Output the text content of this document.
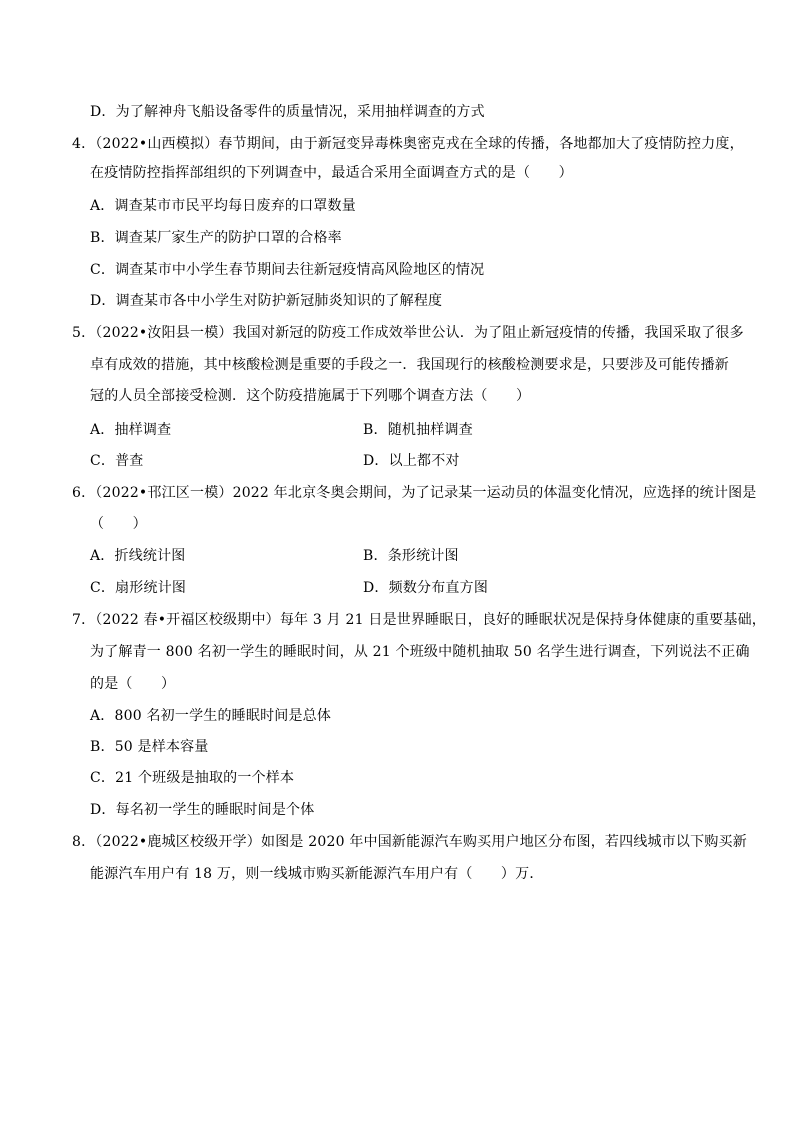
D．为了解神舟飞船设备零件的质量情况，采用抽样调查的方式
4．（2022•山西模拟）春节期间，由于新冠变异毒株奥密克戎在全球的传播，各地都加大了疫情防控力度，
在疫情防控指挥部组织的下列调查中，最适合采用全面调查方式的是（　　）
A．调查某市市民平均每日废弃的口罩数量
B．调查某厂家生产的防护口罩的合格率
C．调查某市中小学生春节期间去往新冠疫情高风险地区的情况
D．调查某市各中小学生对防护新冠肺炎知识的了解程度
5．（2022•汝阳县一模）我国对新冠的防疫工作成效举世公认．为了阻止新冠疫情的传播，我国采取了很多
卓有成效的措施，其中核酸检测是重要的手段之一．我国现行的核酸检测要求是，只要涉及可能传播新
冠的人员全部接受检测．这个防疫措施属于下列哪个调查方法（　　）
A．抽样调查	B．随机抽样调查
C．普查	D．以上都不对
6．（2022•邗江区一模）2022 年北京冬奥会期间，为了记录某一运动员的体温变化情况，应选择的统计图是
（　　）
A．折线统计图	B．条形统计图
C．扇形统计图	D．频数分布直方图
7．（2022 春•开福区校级期中）每年 3 月 21 日是世界睡眠日，良好的睡眠状况是保持身体健康的重要基础，
为了解青一 800 名初一学生的睡眠时间，从 21 个班级中随机抽取 50 名学生进行调查，下列说法不正确
的是（　　）
A．800 名初一学生的睡眠时间是总体
B．50 是样本容量
C．21 个班级是抽取的一个样本
D．每名初一学生的睡眠时间是个体
8．（2022•鹿城区校级开学）如图是 2020 年中国新能源汽车购买用户地区分布图，若四线城市以下购买新
能源汽车用户有 18 万，则一线城市购买新能源汽车用户有（　　）万．
